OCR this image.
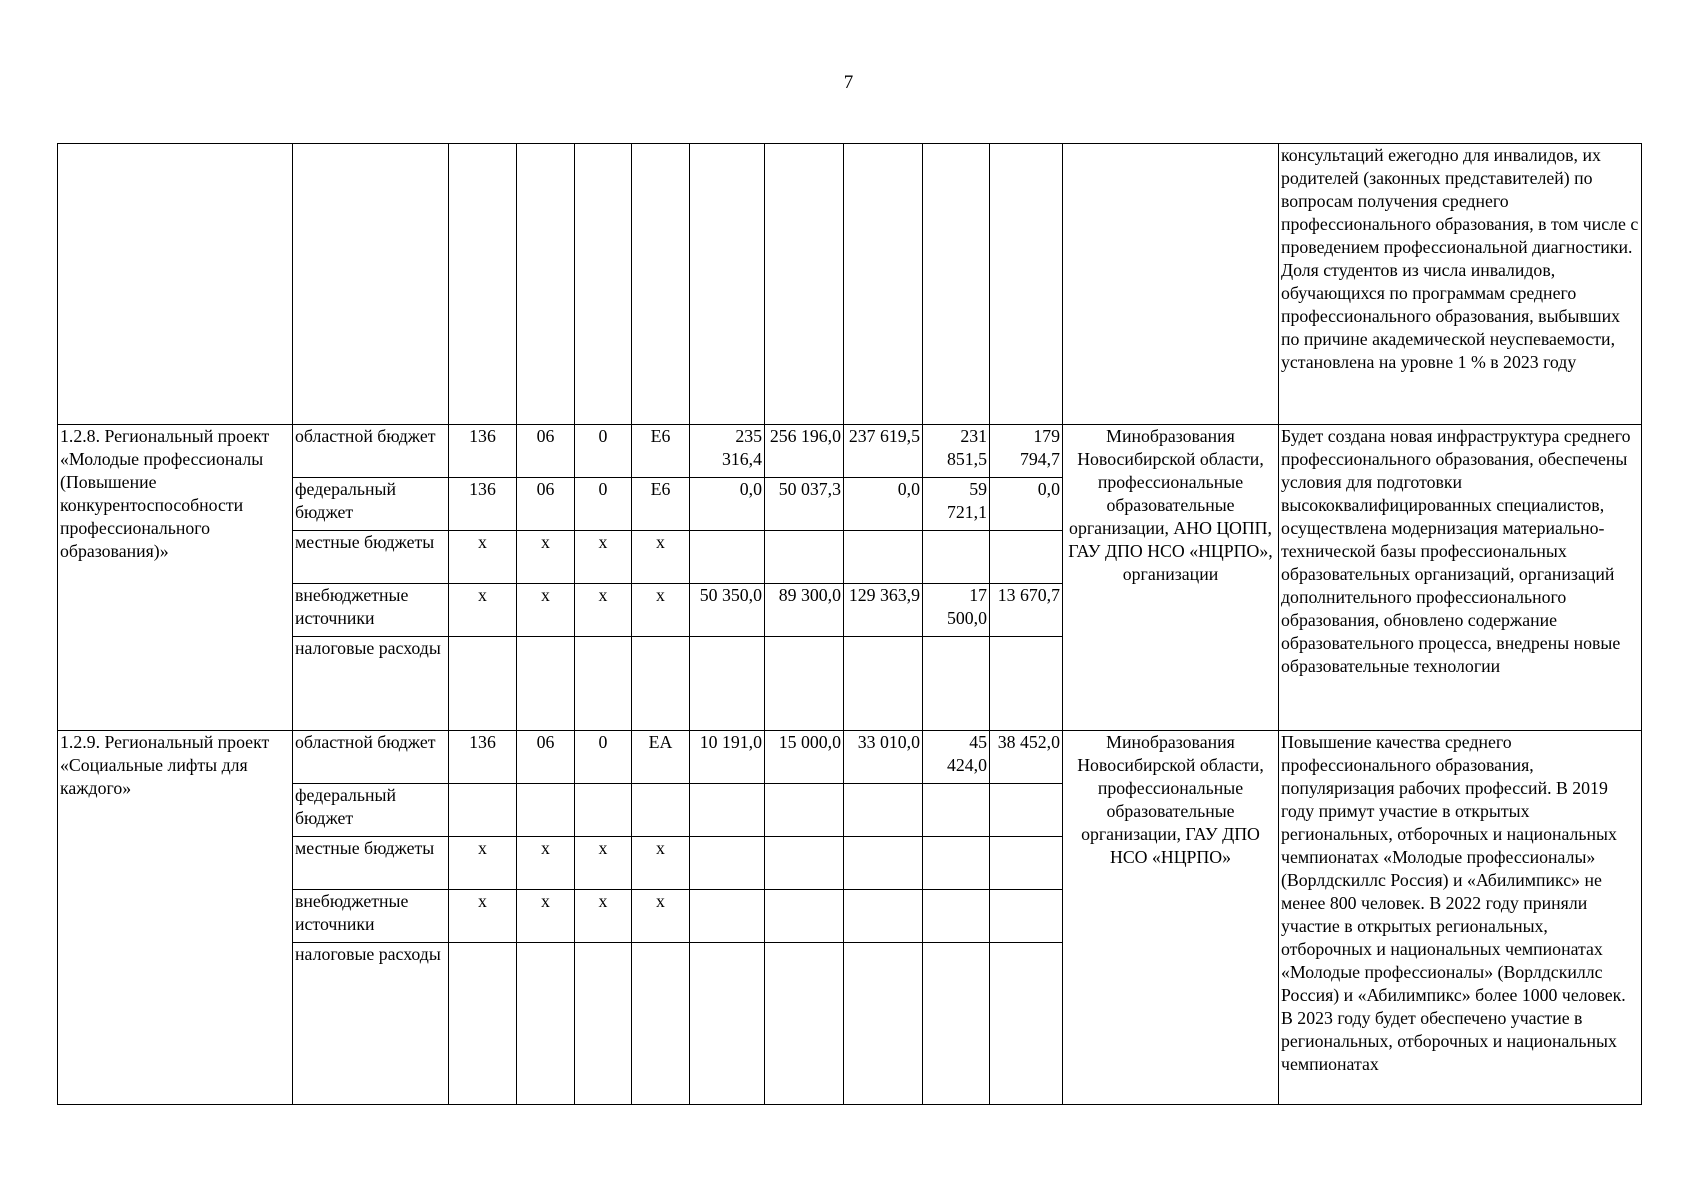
7
												консультаций ежегодно для инвалидов, их родителей (законных представителей) по вопросам получения среднего профессионального образования, в том числе с проведением профессиональной диагностики. Доля студентов из числа инвалидов, обучающихся по программам среднего профессионального образования, выбывших по причине академической неуспеваемости, установлена на уровне 1 % в 2023 году
1.2.8. Региональный проект «Молодые профессионалы (Повышение конкурентоспособности профессионального образования)»	областной бюджет	136	06	0	Е6	235 316,4	256 196,0	237 619,5	231 851,5	179 794,7	Минобразования Новосибирской области, профессиональные образовательные организации, АНО ЦОПП, ГАУ ДПО НСО «НЦРПО», организации	Будет создана новая инфраструктура среднего профессионального образования, обеспечены условия для подготовки высококвалифицированных специалистов, осуществлена модернизация материально-технической базы профессиональных образовательных организаций, организаций дополнительного профессионального образования, обновлено содержание образовательного процесса, внедрены новые образовательные технологии
	федеральный бюджет	136	06	0	Е6	0,0	50 037,3	0,0	59 721,1	0,0		
	местные бюджеты	x	x	x	x							
	внебюджетные источники	x	x	x	x	50 350,0	89 300,0	129 363,9	17 500,0	13 670,7		
	налоговые расходы											
1.2.9. Региональный проект «Социальные лифты для каждого»	областной бюджет	136	06	0	ЕА	10 191,0	15 000,0	33 010,0	45 424,0	38 452,0	Минобразования Новосибирской области, профессиональные образовательные организации, ГАУ ДПО НСО «НЦРПО»	Повышение качества среднего профессионального образования, популяризация рабочих профессий. В 2019 году примут участие в открытых региональных, отборочных и национальных чемпионатах «Молодые профессионалы» (Ворлдскиллс Россия) и «Абилимпикс» не менее 800 человек. В 2022 году приняли участие в открытых региональных, отборочных и национальных чемпионатах «Молодые профессионалы» (Ворлдскиллс Россия) и «Абилимпикс» более 1000 человек. В 2023 году будет обеспечено участие в региональных, отборочных и национальных чемпионатах
	федеральный бюджет											
	местные бюджеты	x	x	x	x							
	внебюджетные источники	x	x	x	x							
	налоговые расходы											
